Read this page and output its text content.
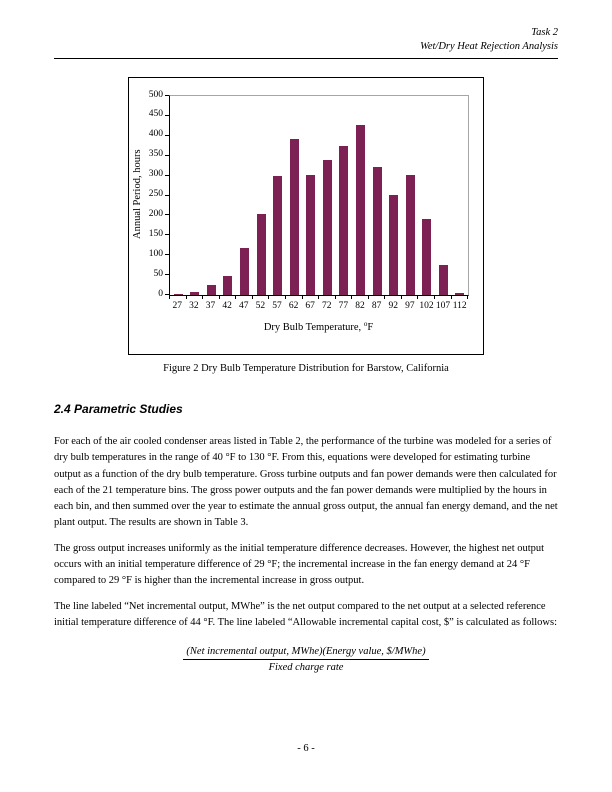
Task 2
Wet/Dry Heat Rejection Analysis
Annual Period, hours
0
50
100
150
200
250
300
350
400
450
500
27 32 37 42 47 52 57 62 67 72 77 82 87 92 97 102 107 112
Dry Bulb Temperature, $^o$F
Figure 2 Dry Bulb Temperature Distribution for Barstow, California
2.4 Parametric Studies

For each of the air cooled condenser areas listed in Table 2, the performance of the turbine was modeled for a series of dry bulb temperatures in the range of 40 °F to 130 °F. From this, equations were developed for estimating turbine output as a function of the dry bulb temperature. Gross turbine outputs and fan power demands were then calculated for each of the 21 temperature bins. The gross power outputs and the fan power demands were multiplied by the hours in each bin, and then summed over the year to estimate the annual gross output, the annual fan energy demand, and the net plant output. The results are shown in Table 3.

The gross output increases uniformly as the initial temperature difference decreases. However, the highest net output occurs with an initial temperature difference of 29 °F; the incremental increase in the fan energy demand at 24 °F compared to 29 °F is higher than the incremental increase in gross output.

The line labeled “Net incremental output, MWhe” is the net output compared to the net output at a selected reference initial temperature difference of 44 °F. The line labeled “Allowable incremental capital cost, $” is calculated as follows:

(Net incremental output, MWhe)(Energy value, $/MWhe)
Fixed charge rate
- 6 -
